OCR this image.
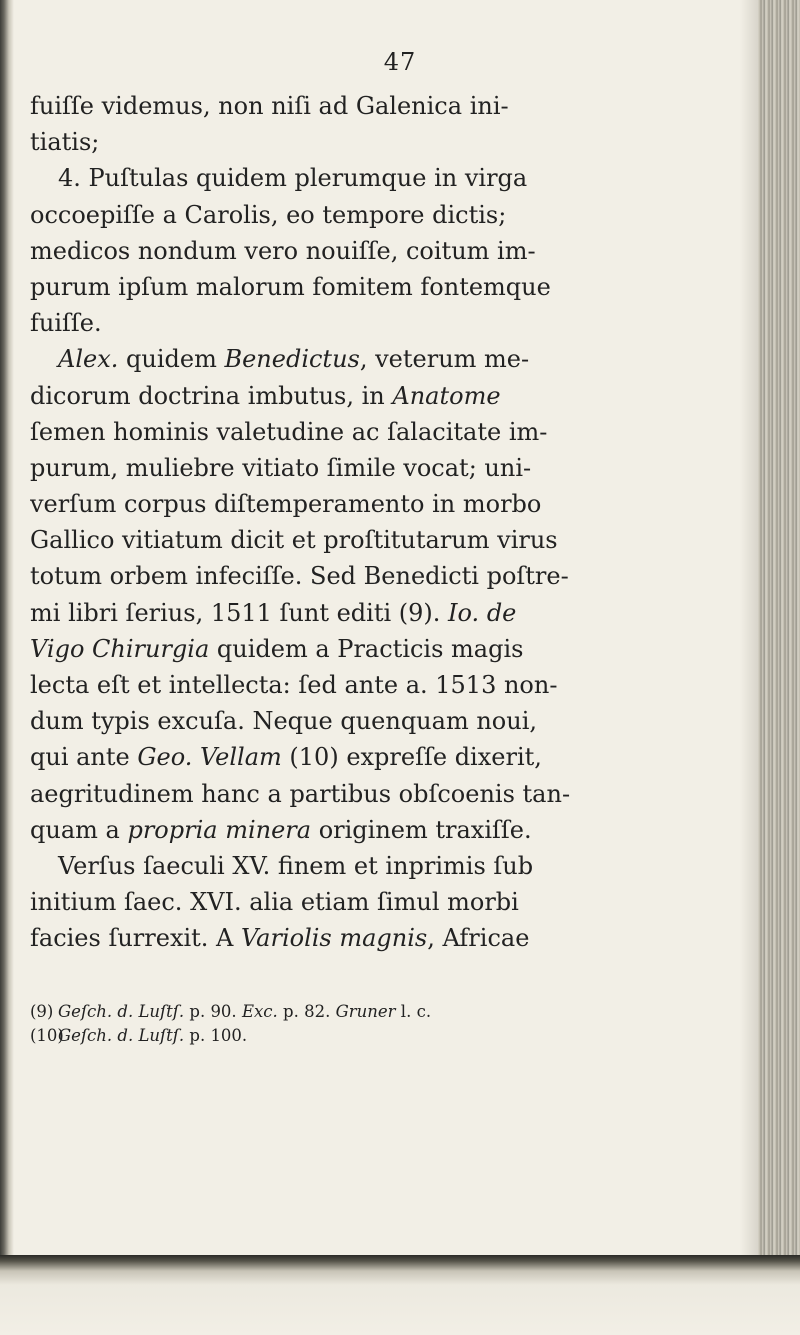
47
fuiſſe videmus, non niſi ad Galenica ini-
tiatis;
4. Puſtulas quidem plerumque in virga
occoepiſſe a Carolis, eo tempore dictis;
medicos nondum vero nouiſſe, coitum im-
purum ipſum malorum fomitem fontemque
fuiſſe.
Alex. quidem Benedictus, veterum me-
dicorum doctrina imbutus, in Anatome
ſemen hominis valetudine ac ſalacitate im-
purum, muliebre vitiato ſimile vocat; uni-
verſum corpus diſtemperamento in morbo
Gallico vitiatum dicit et proſtitutarum virus
totum orbem infeciſſe. Sed Benedicti poſtre-
mi libri ſerius, 1511 ſunt editi (9). Io. de
Vigo Chirurgia quidem a Practicis magis
lecta eſt et intellecta: ſed ante a. 1513 non-
dum typis excuſa. Neque quenquam noui,
qui ante Geo. Vellam (10) expreſſe dixerit,
aegritudinem hanc a partibus obſcoenis tan-
quam a propria minera originem traxiſſe.
Verſus ſaeculi XV. finem et inprimis ſub
initium ſaec. XVI. alia etiam ſimul morbi
facies ſurrexit. A Variolis magnis, Africae
(9) Geſch. d. Luſtſ. p. 90. Exc. p. 82. Gruner l. c.
(10)Geſch. d. Luſtſ. p. 100.
